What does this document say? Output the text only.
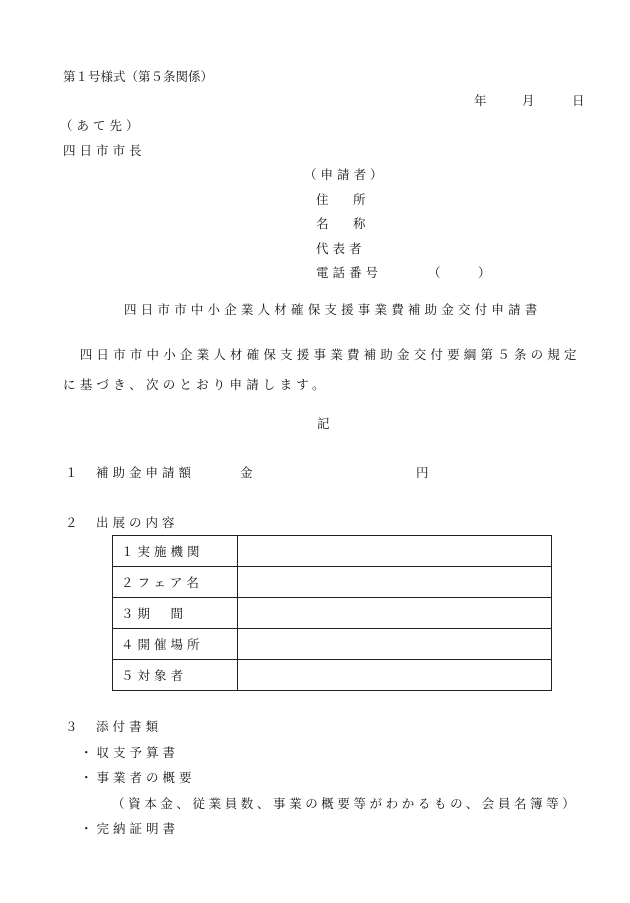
第１号様式（第５条関係）
年	月	日
（あて先）
四日市市長
（申請者）
住　所
名　称
代表者
電話番号	（　　　）
四日市市中小企業人材確保支援事業費補助金交付申請書
　四日市市中小企業人材確保支援事業費補助金交付要綱第５条の規定に基づき、次のとおり申請します。
記
１ 補助金申請額	金	円
２ 出展の内容
１実施機関	
２フェア名	
３期　間	
４開催場所	
５対象者	
３ 添付書類
・収支予算書
・事業者の概要
（資本金、従業員数、事業の概要等がわかるもの、会員名簿等）
・完納証明書
